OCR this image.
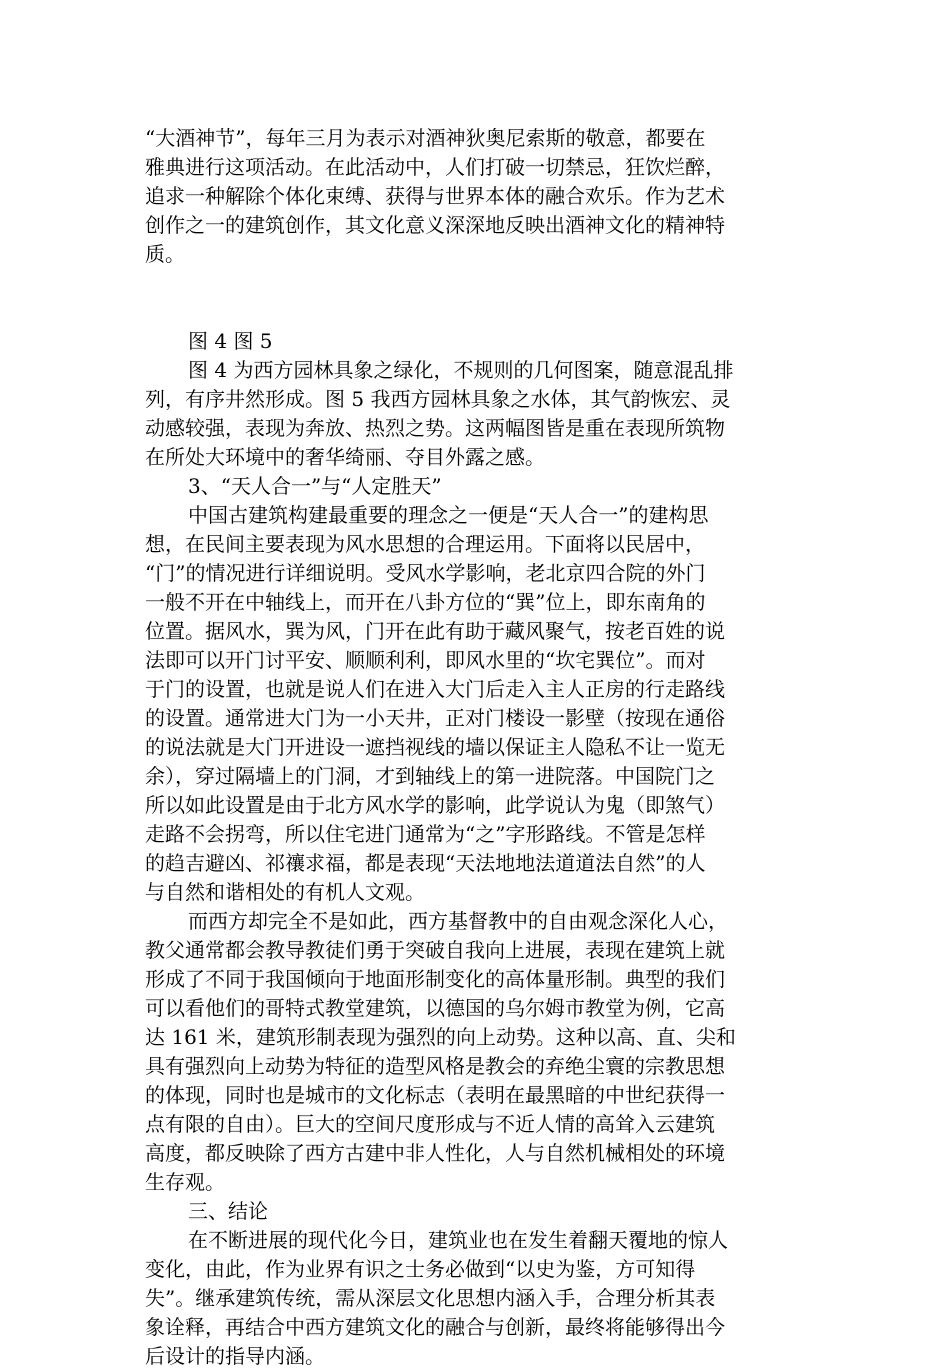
“大酒神节”，每年三月为表示对酒神狄奥尼索斯的敬意，都要在
雅典进行这项活动。在此活动中，人们打破一切禁忌，狂饮烂醉，
追求一种解除个体化束缚、获得与世界本体的融合欢乐。作为艺术
创作之一的建筑创作，其文化意义深深地反映出酒神文化的精神特
质。
图 4 图 5
图 4 为西方园林具象之绿化，不规则的几何图案，随意混乱排
列，有序井然形成。图 5 我西方园林具象之水体，其气韵恢宏、灵
动感较强，表现为奔放、热烈之势。这两幅图皆是重在表现所筑物
在所处大环境中的奢华绮丽、夺目外露之感。
3、“天人合一”与“人定胜天”
中国古建筑构建最重要的理念之一便是“天人合一”的建构思
想，在民间主要表现为风水思想的合理运用。下面将以民居中，
“门”的情况进行详细说明。受风水学影响，老北京四合院的外门
一般不开在中轴线上，而开在八卦方位的“巽”位上，即东南角的
位置。据风水，巽为风，门开在此有助于藏风聚气，按老百姓的说
法即可以开门讨平安、顺顺利利，即风水里的“坎宅巽位”。而对
于门的设置，也就是说人们在进入大门后走入主人正房的行走路线
的设置。通常进大门为一小天井，正对门楼设一影壁（按现在通俗
的说法就是大门开进设一遮挡视线的墙以保证主人隐私不让一览无
余），穿过隔墙上的门洞，才到轴线上的第一进院落。中国院门之
所以如此设置是由于北方风水学的影响，此学说认为鬼（即煞气）
走路不会拐弯，所以住宅进门通常为“之”字形路线。不管是怎样
的趋吉避凶、祁禳求福，都是表现“天法地地法道道法自然”的人
与自然和谐相处的有机人文观。
而西方却完全不是如此，西方基督教中的自由观念深化人心，
教父通常都会教导教徒们勇于突破自我向上进展，表现在建筑上就
形成了不同于我国倾向于地面形制变化的高体量形制。典型的我们
可以看他们的哥特式教堂建筑，以德国的乌尔姆市教堂为例，它高
达 161 米，建筑形制表现为强烈的向上动势。这种以高、直、尖和
具有强烈向上动势为特征的造型风格是教会的弃绝尘寰的宗教思想
的体现，同时也是城市的文化标志（表明在最黑暗的中世纪获得一
点有限的自由）。巨大的空间尺度形成与不近人情的高耸入云建筑
高度，都反映除了西方古建中非人性化，人与自然机械相处的环境
生存观。
三、结论
在不断进展的现代化今日，建筑业也在发生着翻天覆地的惊人
变化，由此，作为业界有识之士务必做到“以史为鉴，方可知得
失”。继承建筑传统，需从深层文化思想内涵入手，合理分析其表
象诠释，再结合中西方建筑文化的融合与创新，最终将能够得出今
后设计的指导内涵。
